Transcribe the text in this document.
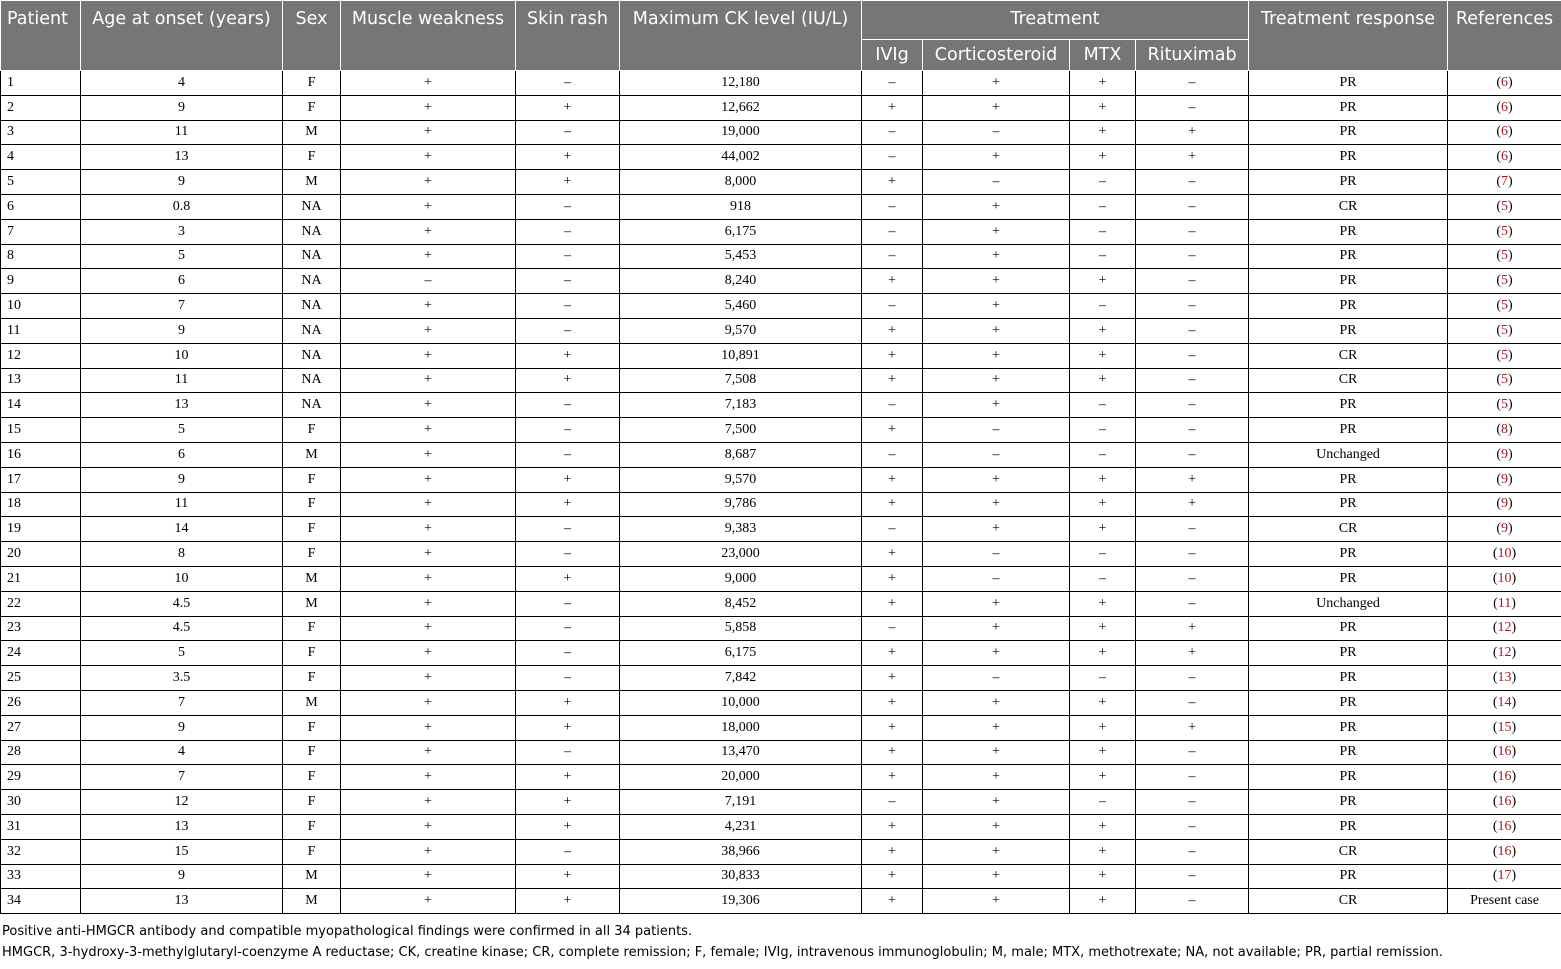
Patient	Age at onset (years)	Sex	Muscle weakness	Skin rash	Maximum CK level (IU/L)	Treatment				Treatment response	References
						IVIg	Corticosteroid	MTX	Rituximab		
1	4	F	+	–	12,180	–	+	+	–	PR	(6)
2	9	F	+	+	12,662	+	+	+	–	PR	(6)
3	11	M	+	–	19,000	–	–	+	+	PR	(6)
4	13	F	+	+	44,002	–	+	+	+	PR	(6)
5	9	M	+	+	8,000	+	–	–	–	PR	(7)
6	0.8	NA	+	–	918	–	+	–	–	CR	(5)
7	3	NA	+	–	6,175	–	+	–	–	PR	(5)
8	5	NA	+	–	5,453	–	+	–	–	PR	(5)
9	6	NA	–	–	8,240	+	+	+	–	PR	(5)
10	7	NA	+	–	5,460	–	+	–	–	PR	(5)
11	9	NA	+	–	9,570	+	+	+	–	PR	(5)
12	10	NA	+	+	10,891	+	+	+	–	CR	(5)
13	11	NA	+	+	7,508	+	+	+	–	CR	(5)
14	13	NA	+	–	7,183	–	+	–	–	PR	(5)
15	5	F	+	–	7,500	+	–	–	–	PR	(8)
16	6	M	+	–	8,687	–	–	–	–	Unchanged	(9)
17	9	F	+	+	9,570	+	+	+	+	PR	(9)
18	11	F	+	+	9,786	+	+	+	+	PR	(9)
19	14	F	+	–	9,383	–	+	+	–	CR	(9)
20	8	F	+	–	23,000	+	–	–	–	PR	(10)
21	10	M	+	+	9,000	+	–	–	–	PR	(10)
22	4.5	M	+	–	8,452	+	+	+	–	Unchanged	(11)
23	4.5	F	+	–	5,858	–	+	+	+	PR	(12)
24	5	F	+	–	6,175	+	+	+	+	PR	(12)
25	3.5	F	+	–	7,842	+	–	–	–	PR	(13)
26	7	M	+	+	10,000	+	+	+	–	PR	(14)
27	9	F	+	+	18,000	+	+	+	+	PR	(15)
28	4	F	+	–	13,470	+	+	+	–	PR	(16)
29	7	F	+	+	20,000	+	+	+	–	PR	(16)
30	12	F	+	+	7,191	–	+	–	–	PR	(16)
31	13	F	+	+	4,231	+	+	+	–	PR	(16)
32	15	F	+	–	38,966	+	+	+	–	CR	(16)
33	9	M	+	+	30,833	+	+	+	–	PR	(17)
34	13	M	+	+	19,306	+	+	+	–	CR	Present case
Positive anti-HMGCR antibody and compatible myopathological findings were confirmed in all 34 patients.
HMGCR, 3-hydroxy-3-methylglutaryl-coenzyme A reductase; CK, creatine kinase; CR, complete remission; F, female; IVIg, intravenous immunoglobulin; M, male; MTX, methotrexate; NA, not available; PR, partial remission.
